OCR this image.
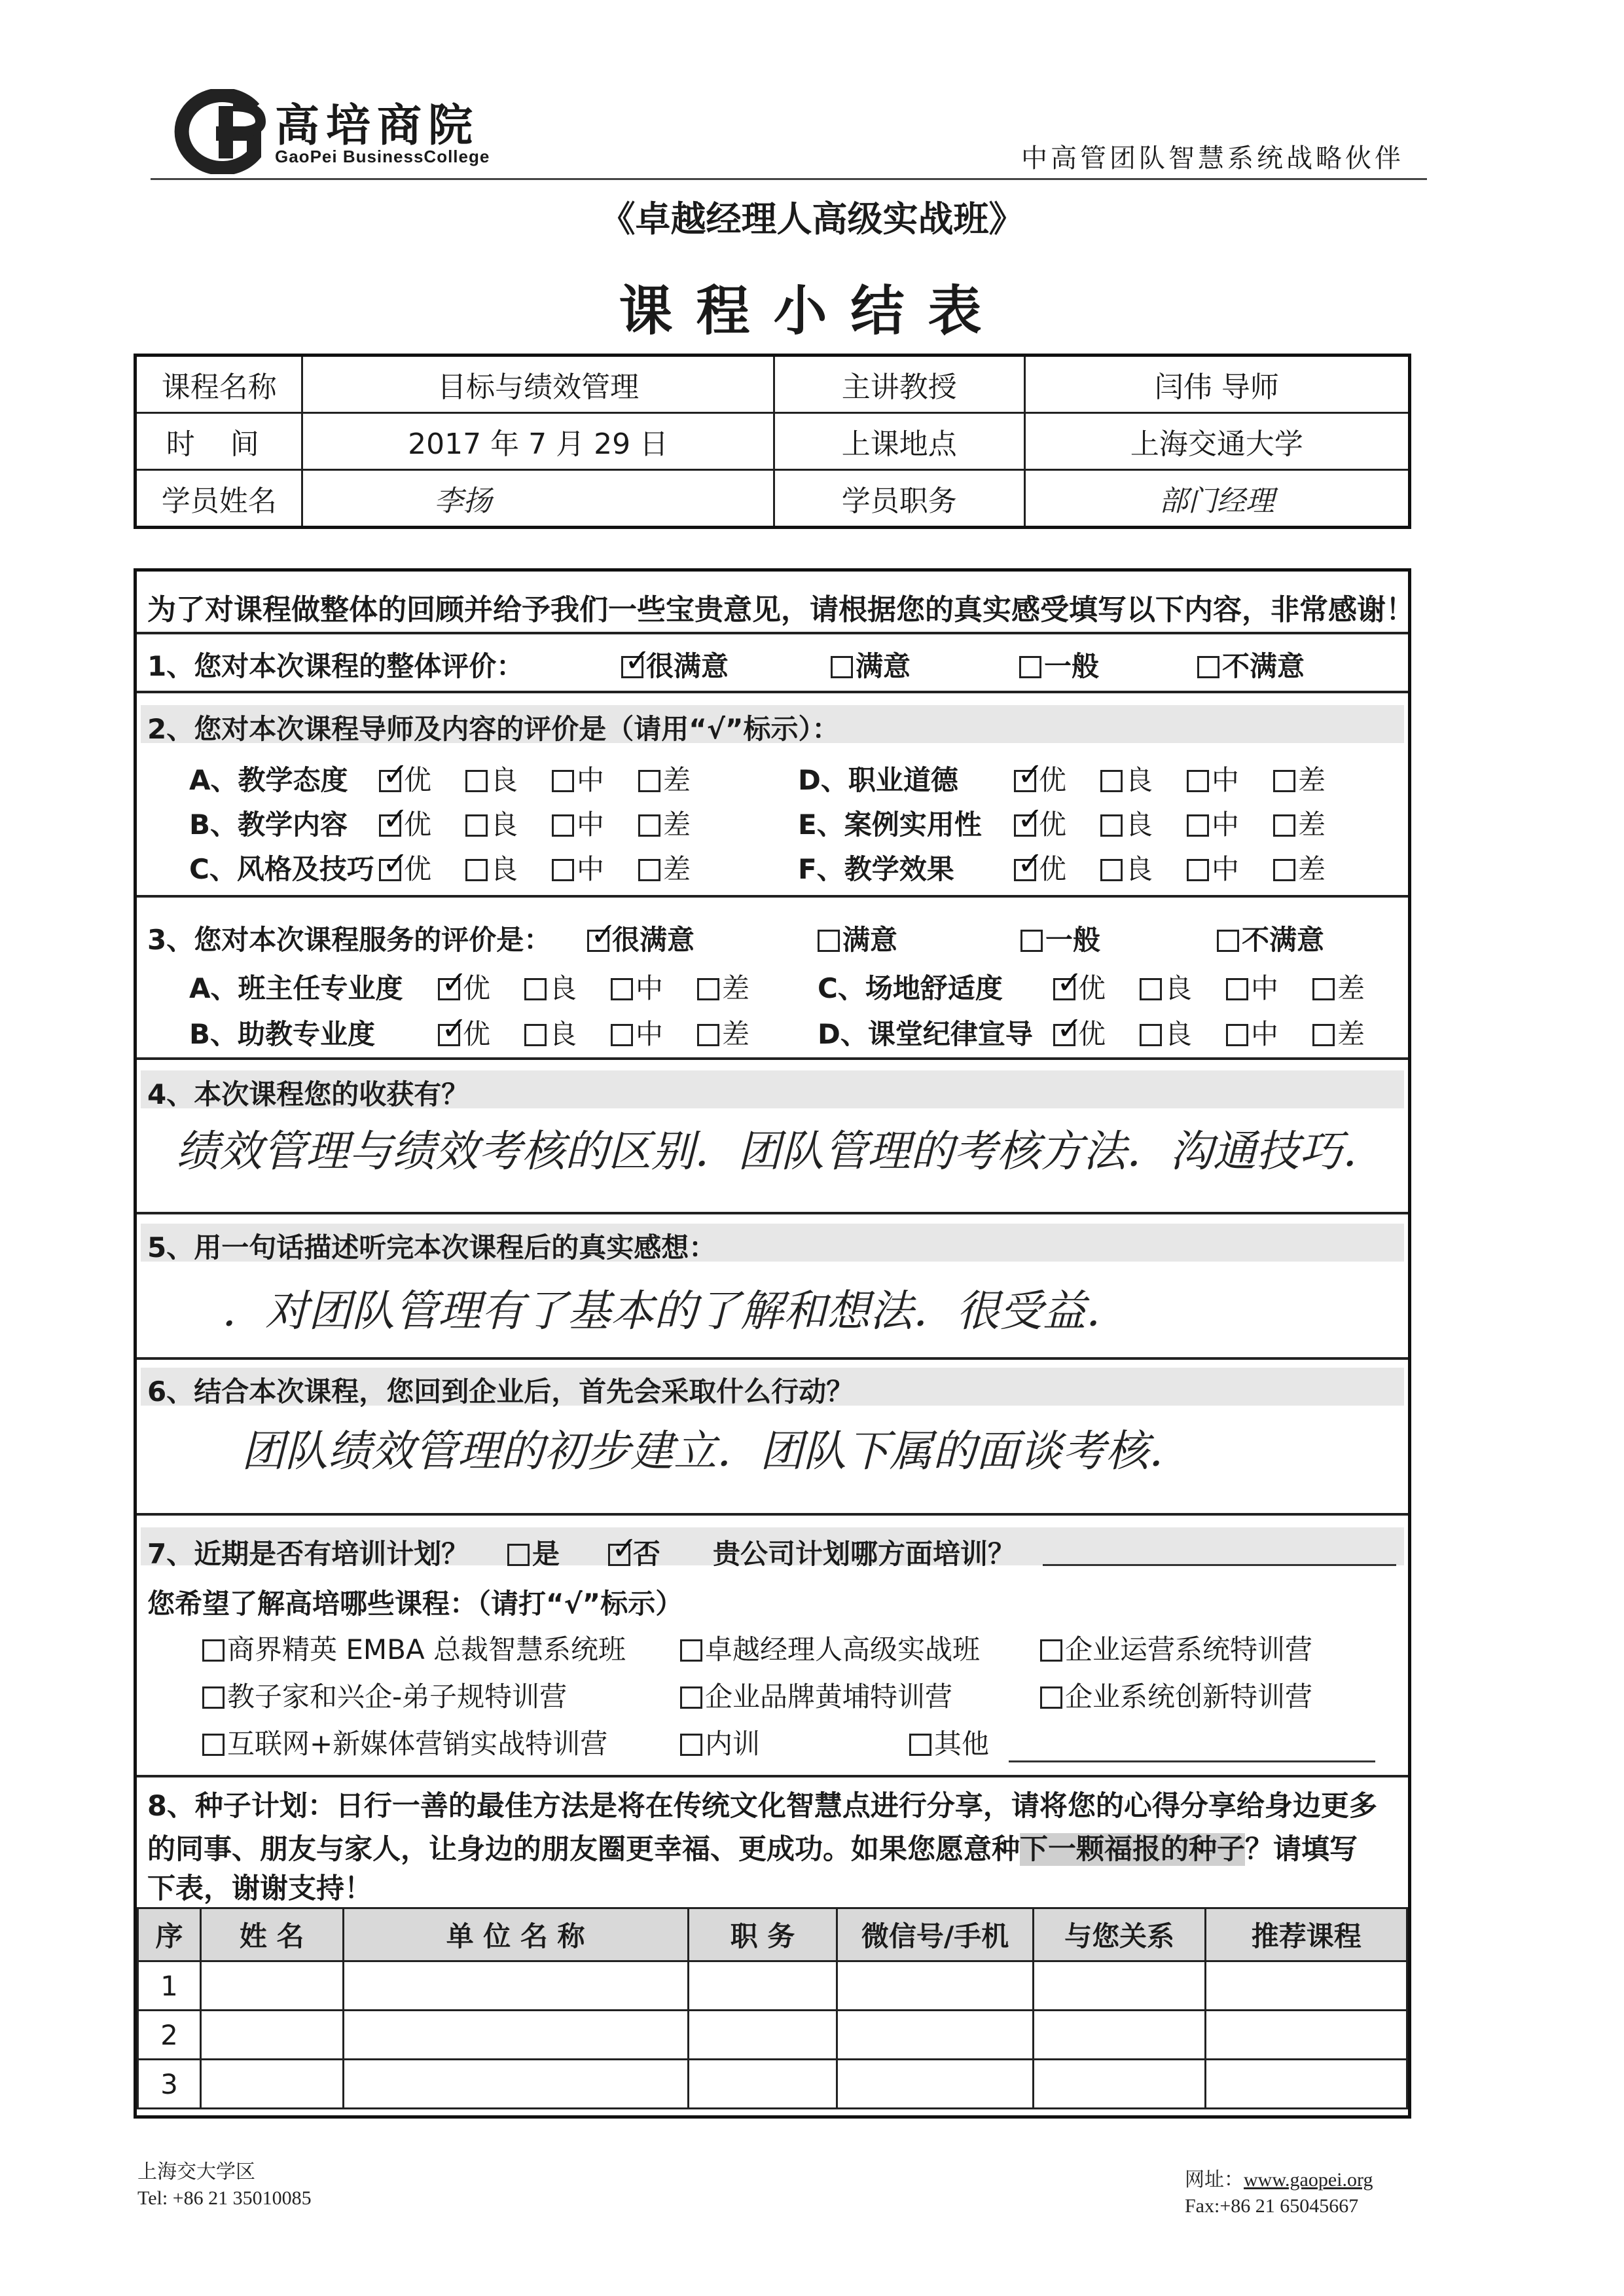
高培商院
GaoPei BusinessCollege	中高管团队智慧系统战略伙伴
《卓越经理人高级实战班》
课程小结表
课程名称	目标与绩效管理	主讲教授	闫伟 导师
时 间	2017 年 7 月 29 日	上课地点	上海交通大学
学员姓名	李扬	学员职务	部门经理
为了对课程做整体的回顾并给予我们一些宝贵意见，请根据您的真实感受填写以下内容，非常感谢！
1、您对本次课程的整体评价： ✓	很满意	满意	一般	不满意
2、您对本次课程导师及内容的评价是（请用“√”标示）：
3、您对本次课程服务的评价是： ✓	很满意	满意	一般	不满意
4、本次课程您的收获有？
绩效管理与绩效考核的区别．团队管理的考核方法．沟通技巧．
5、用一句话描述听完本次课程后的真实感想：
．对团队管理有了基本的了解和想法．很受益．
6、结合本次课程，您回到企业后，首先会采取什么行动？
团队绩效管理的初步建立．团队下属的面谈考核．
7、近期是否有培训计划？	是 ✓	否 贵公司计划哪方面培训？
您希望了解高培哪些课程：（请打“√”标示）
8、种子计划：日行一善的最佳方法是将在传统文化智慧点进行分享，请将您的心得分享给身边更多
的同事、朋友与家人，让身边的朋友圈更幸福、更成功。如果您愿意种下一颗福报的种子？请填写
下表，谢谢支持！
序	姓 名	单 位 名 称	职 务	微信号/手机	与您关系	推荐课程
1						
2						
3						
A、教学态度 ✓	优	良	中	差
B、教学内容 ✓	优	良	中	差
C、风格及技巧 ✓	优	良	中	差
D、职业道德 ✓	优	良	中	差
E、案例实用性 ✓	优	良	中	差
F、教学效果 ✓	优	良	中	差
A、班主任专业度 ✓	优	良	中	差
B、助教专业度 ✓	优	良	中	差
C、场地舒适度 ✓	优	良	中	差
D、课堂纪律宣导 ✓	优	良	中	差
商界精英 EMBA 总裁智慧系统班	卓越经理人高级实战班	企业运营系统特训营
教子家和兴企-弟子规特训营	企业品牌黄埔特训营	企业系统创新特训营
互联网+新媒体营销实战特训营	内训	其他
上海交大学区
Tel: +86 21 35010085
网址：www.gaopei.org
Fax:+86 21 65045667
